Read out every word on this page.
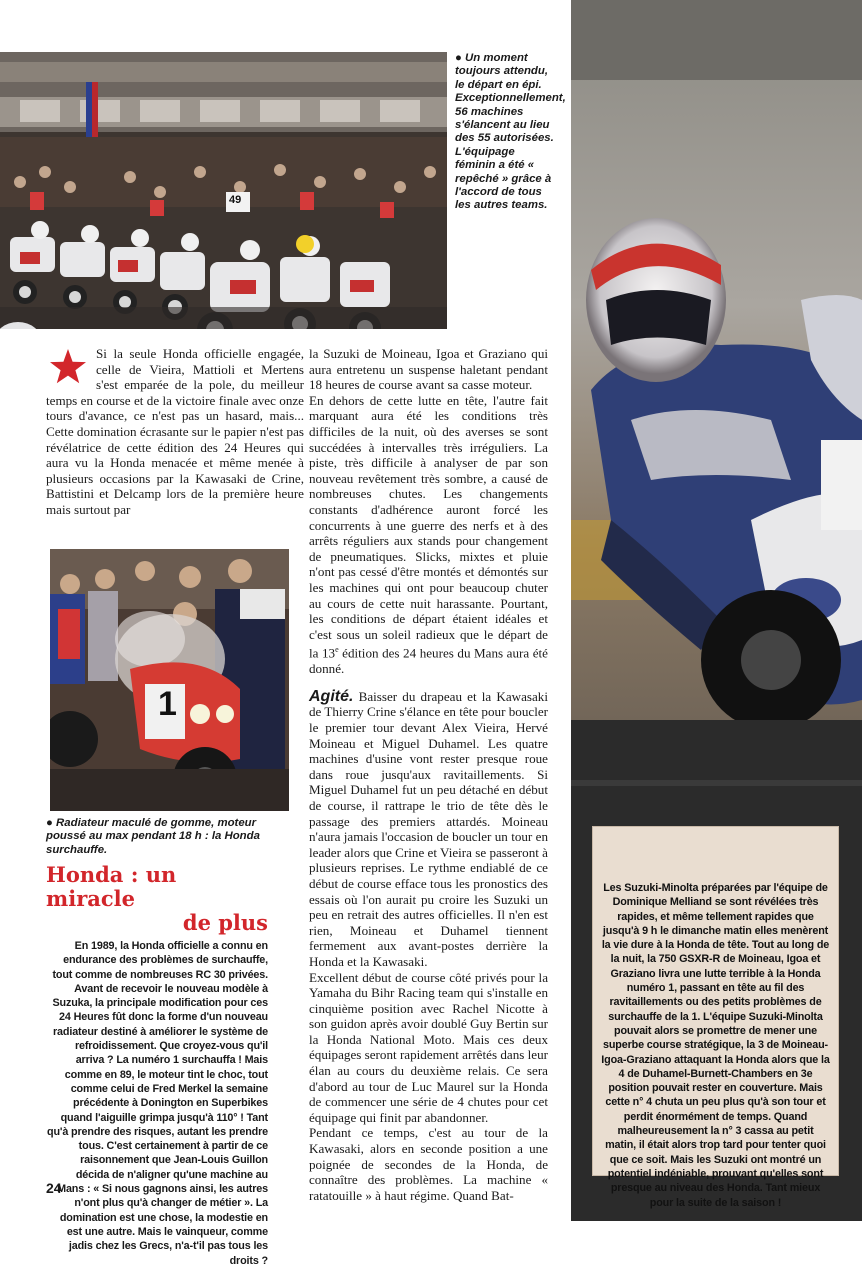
49

● Un moment toujours attendu, le départ en épi. Exceptionnellement, 56 machines s'élancent au lieu des 55 autorisées. L'équipage féminin a été « repêché » grâce à l'accord de tous les autres teams.

Les Suzuki-Minolta préparées par l'équipe de Dominique Melliand se sont révélées très rapides, et même tellement rapides que jusqu'à 9 h le dimanche matin elles menèrent la vie dure à la Honda de tête. Tout au long de la nuit, la 750 GSXR-R de Moineau, Igoa et Graziano livra une lutte terrible à la Honda numéro 1, passant en tête au fil des ravitaillements ou des petits problèmes de surchauffe de la 1. L'équipe Suzuki-Minolta pouvait alors se promettre de mener une superbe course stratégique, la 3 de Moineau-Igoa-Graziano attaquant la Honda alors que la 4 de Duhamel-Burnett-Chambers en 3e position pouvait rester en couverture. Mais cette n° 4 chuta un peu plus qu'à son tour et perdit énormément de temps. Quand malheureusement la n° 3 cassa au petit matin, il était alors trop tard pour tenter quoi que ce soit. Mais les Suzuki ont montré un potentiel indéniable, prouvant qu'elles sont presque au niveau des Honda. Tant mieux pour la suite de la saison !

Si la seule Honda officielle engagée, celle de Vieira, Mattioli et Mertens s'est emparée de la pole, du meilleur temps en course et de la victoire finale avec onze tours d'avance, ce n'est pas un hasard, mais... Cette domination écrasante sur le papier n'est pas révélatrice de cette édition des 24 Heures qui aura vu la Honda menacée et même menée à plusieurs occasions par la Kawasaki de Crine, Battistini et Delcamp lors de la première heure mais surtout par

1

● Radiateur maculé de gomme, moteur poussé au max pendant 18 h : la Honda surchauffe.

Honda : un miracle
de plus

En 1989, la Honda officielle a connu en endurance des problèmes de surchauffe, tout comme de nombreuses RC 30 privées. Avant de recevoir le nouveau modèle à Suzuka, la principale modification pour ces 24 Heures fût donc la forme d'un nouveau radiateur destiné à améliorer le système de refroidissement. Que croyez-vous qu'il arriva ? La numéro 1 surchauffa ! Mais comme en 89, le moteur tint le choc, tout comme celui de Fred Merkel la semaine précédente à Donington en Superbikes quand l'aiguille grimpa jusqu'à 110° ! Tant qu'à prendre des risques, autant les prendre tous. C'est certainement à partir de ce raisonnement que Jean-Louis Guillon décida de n'aligner qu'une machine au Mans : « Si nous gagnons ainsi, les autres n'ont plus qu'à changer de métier ». La domination est une chose, la modestie en est une autre. Mais le vainqueur, comme jadis chez les Grecs, n'a-t'il pas tous les droits ?

24

la Suzuki de Moineau, Igoa et Graziano qui aura entretenu un suspense haletant pendant 18 heures de course avant sa casse moteur.

En dehors de cette lutte en tête, l'autre fait marquant aura été les conditions très difficiles de la nuit, où des averses se sont succédées à intervalles très irréguliers. La piste, très difficile à analyser de par son nouveau revêtement très sombre, a causé de nombreuses chutes. Les changements constants d'adhérence auront forcé les concurrents à une guerre des nerfs et à des arrêts réguliers aux stands pour changement de pneumatiques. Slicks, mixtes et pluie n'ont pas cessé d'être montés et démontés sur les machines qui ont pour beaucoup chuter au cours de cette nuit harassante. Pourtant, les conditions de départ étaient idéales et c'est sous un soleil radieux que le départ de la 13e édition des 24 heures du Mans aura été donné.

Agité. Baisser du drapeau et la Kawasaki de Thierry Crine s'élance en tête pour boucler le premier tour devant Alex Vieira, Hervé Moineau et Miguel Duhamel. Les quatre machines d'usine vont rester presque roue dans roue jusqu'aux ravitaillements. Si Miguel Duhamel fut un peu détaché en début de course, il rattrape le trio de tête dès le passage des premiers attardés. Moineau n'aura jamais l'occasion de boucler un tour en leader alors que Crine et Vieira se passeront à plusieurs reprises. Le rythme endiablé de ce début de course efface tous les pronostics des essais où l'on aurait pu croire les Suzuki un peu en retrait des autres officielles. Il n'en est rien, Moineau et Duhamel tiennent fermement aux avant-postes derrière la Honda et la Kawasaki.

Excellent début de course côté privés pour la Yamaha du Bihr Racing team qui s'installe en cinquième position avec Rachel Nicotte à son guidon après avoir doublé Guy Bertin sur la Honda National Moto. Mais ces deux équipages seront rapidement arrêtés dans leur élan au cours du deuxième relais. Ce sera d'abord au tour de Luc Maurel sur la Honda de commencer une série de 4 chutes pour cet équipage qui finit par abandonner.

Pendant ce temps, c'est au tour de la Kawasaki, alors en seconde position a une poignée de secondes de la Honda, de connaître des problèmes. La machine « ratatouille » à haut régime. Quand Bat-
